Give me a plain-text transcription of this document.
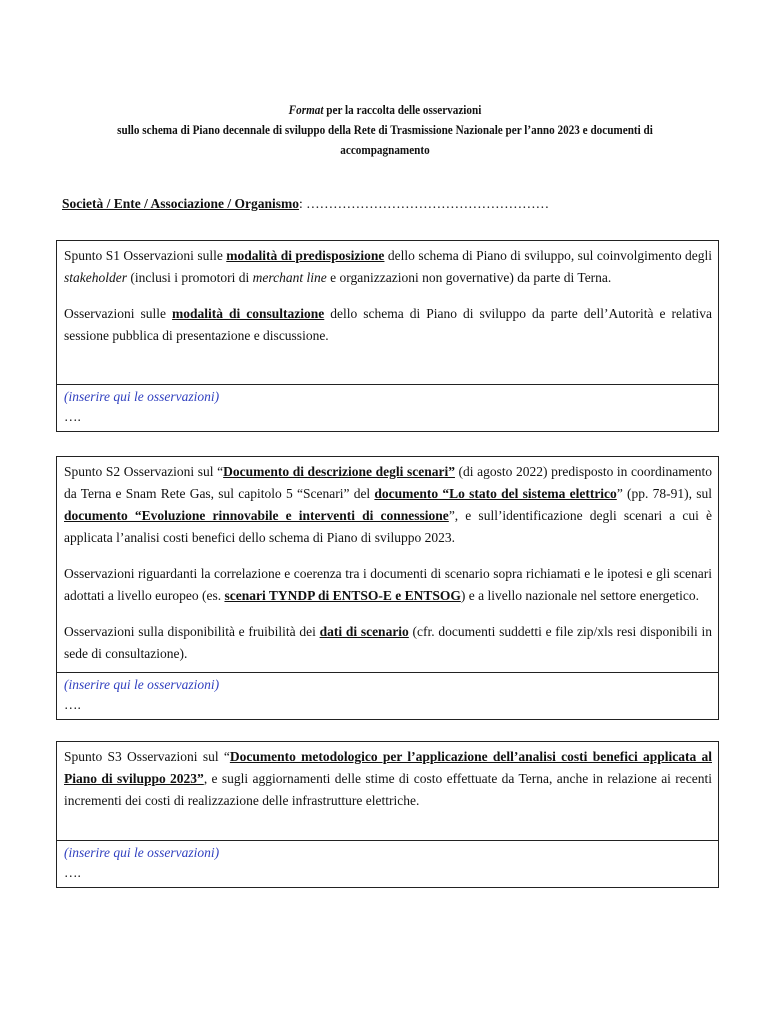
Format per la raccolta delle osservazioni
sullo schema di Piano decennale di sviluppo della Rete di Trasmissione Nazionale per l’anno 2023 e documenti di accompagnamento
Società / Ente / Associazione / Organismo: ………………………………………………

Spunto S1 Osservazioni sulle modalità di predisposizione dello schema di Piano di sviluppo, sul coinvolgimento degli stakeholder (inclusi i promotori di merchant line e organizzazioni non governative) da parte di Terna.

Osservazioni sulle modalità di consultazione dello schema di Piano di sviluppo da parte dell’Autorità e relativa sessione pubblica di presentazione e discussione.

(inserire qui le osservazioni)
….

Spunto S2 Osservazioni sul “Documento di descrizione degli scenari” (di agosto 2022) predisposto in coordinamento da Terna e Snam Rete Gas, sul capitolo 5 “Scenari” del documento “Lo stato del sistema elettrico” (pp. 78-91), sul documento “Evoluzione rinnovabile e interventi di connessione”, e sull’identificazione degli scenari a cui è applicata l’analisi costi benefici dello schema di Piano di sviluppo 2023.

Osservazioni riguardanti la correlazione e coerenza tra i documenti di scenario sopra richiamati e le ipotesi e gli scenari adottati a livello europeo (es. scenari TYNDP di ENTSO-E e ENTSOG) e a livello nazionale nel settore energetico.

Osservazioni sulla disponibilità e fruibilità dei dati di scenario (cfr. documenti suddetti e file zip/xls resi disponibili in sede di consultazione).

(inserire qui le osservazioni)
….

Spunto S3 Osservazioni sul “Documento metodologico per l’applicazione dell’analisi costi benefici applicata al Piano di sviluppo 2023”, e sugli aggiornamenti delle stime di costo effettuate da Terna, anche in relazione ai recenti incrementi dei costi di realizzazione delle infrastrutture elettriche.

(inserire qui le osservazioni)
….
